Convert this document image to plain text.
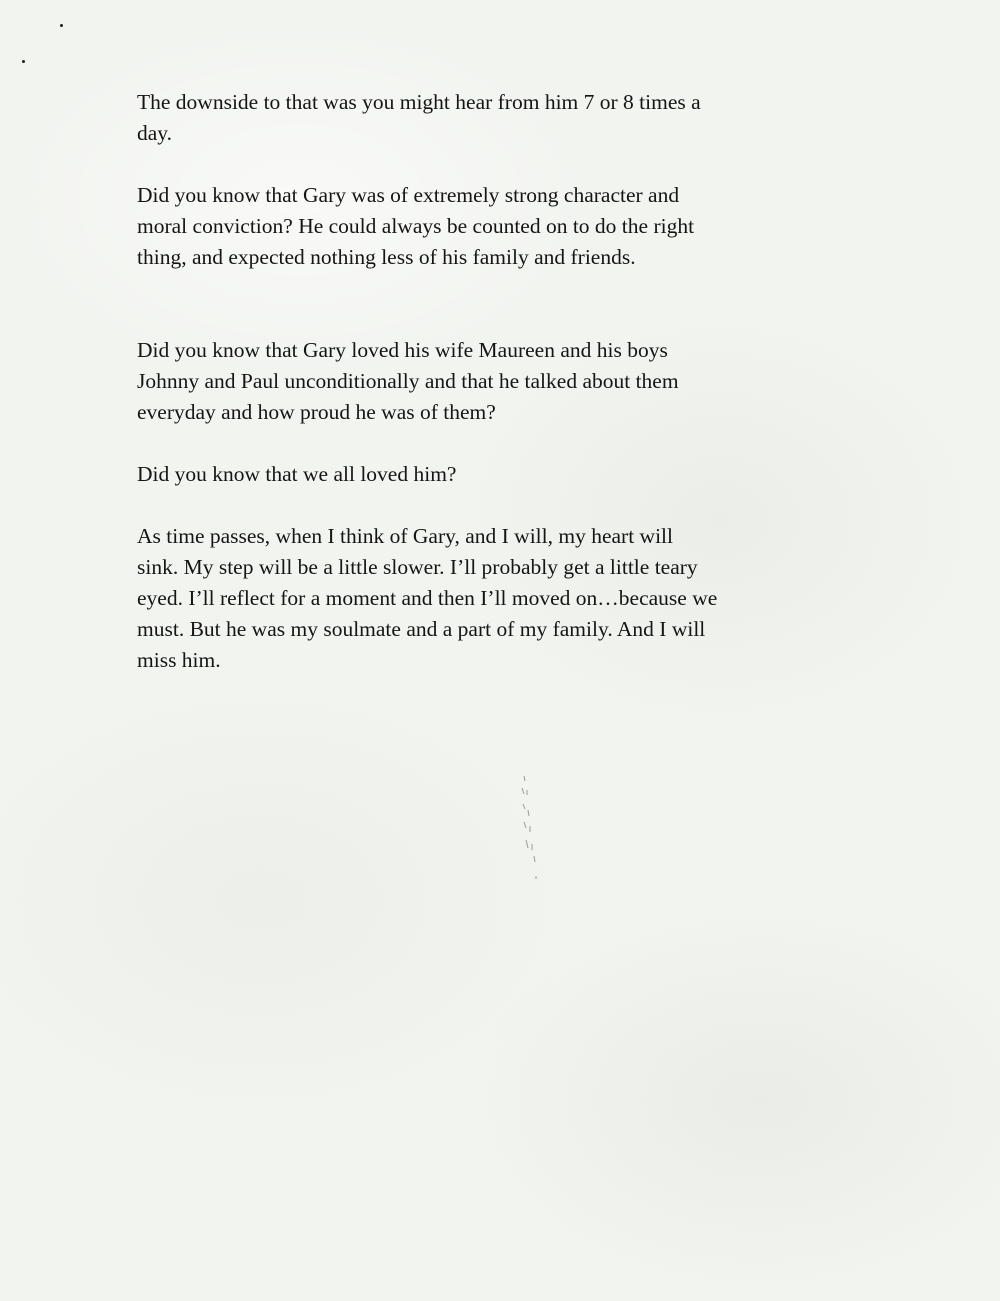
The downside to that was you might hear from him 7 or 8 times a

day.

Did you know that Gary was of extremely strong character and

moral conviction? He could always be counted on to do the right

thing, and expected nothing less of his family and friends.

Did you know that Gary loved his wife Maureen and his boys

Johnny and Paul unconditionally and that he talked about them

everyday and how proud he was of them?

Did you know that we all loved him?

As time passes, when I think of Gary, and I will, my heart will

sink. My step will be a little slower. I’ll probably get a little teary

eyed. I’ll reflect for a moment and then I’ll moved on…because we

must. But he was my soulmate and a part of my family. And I will

miss him.
